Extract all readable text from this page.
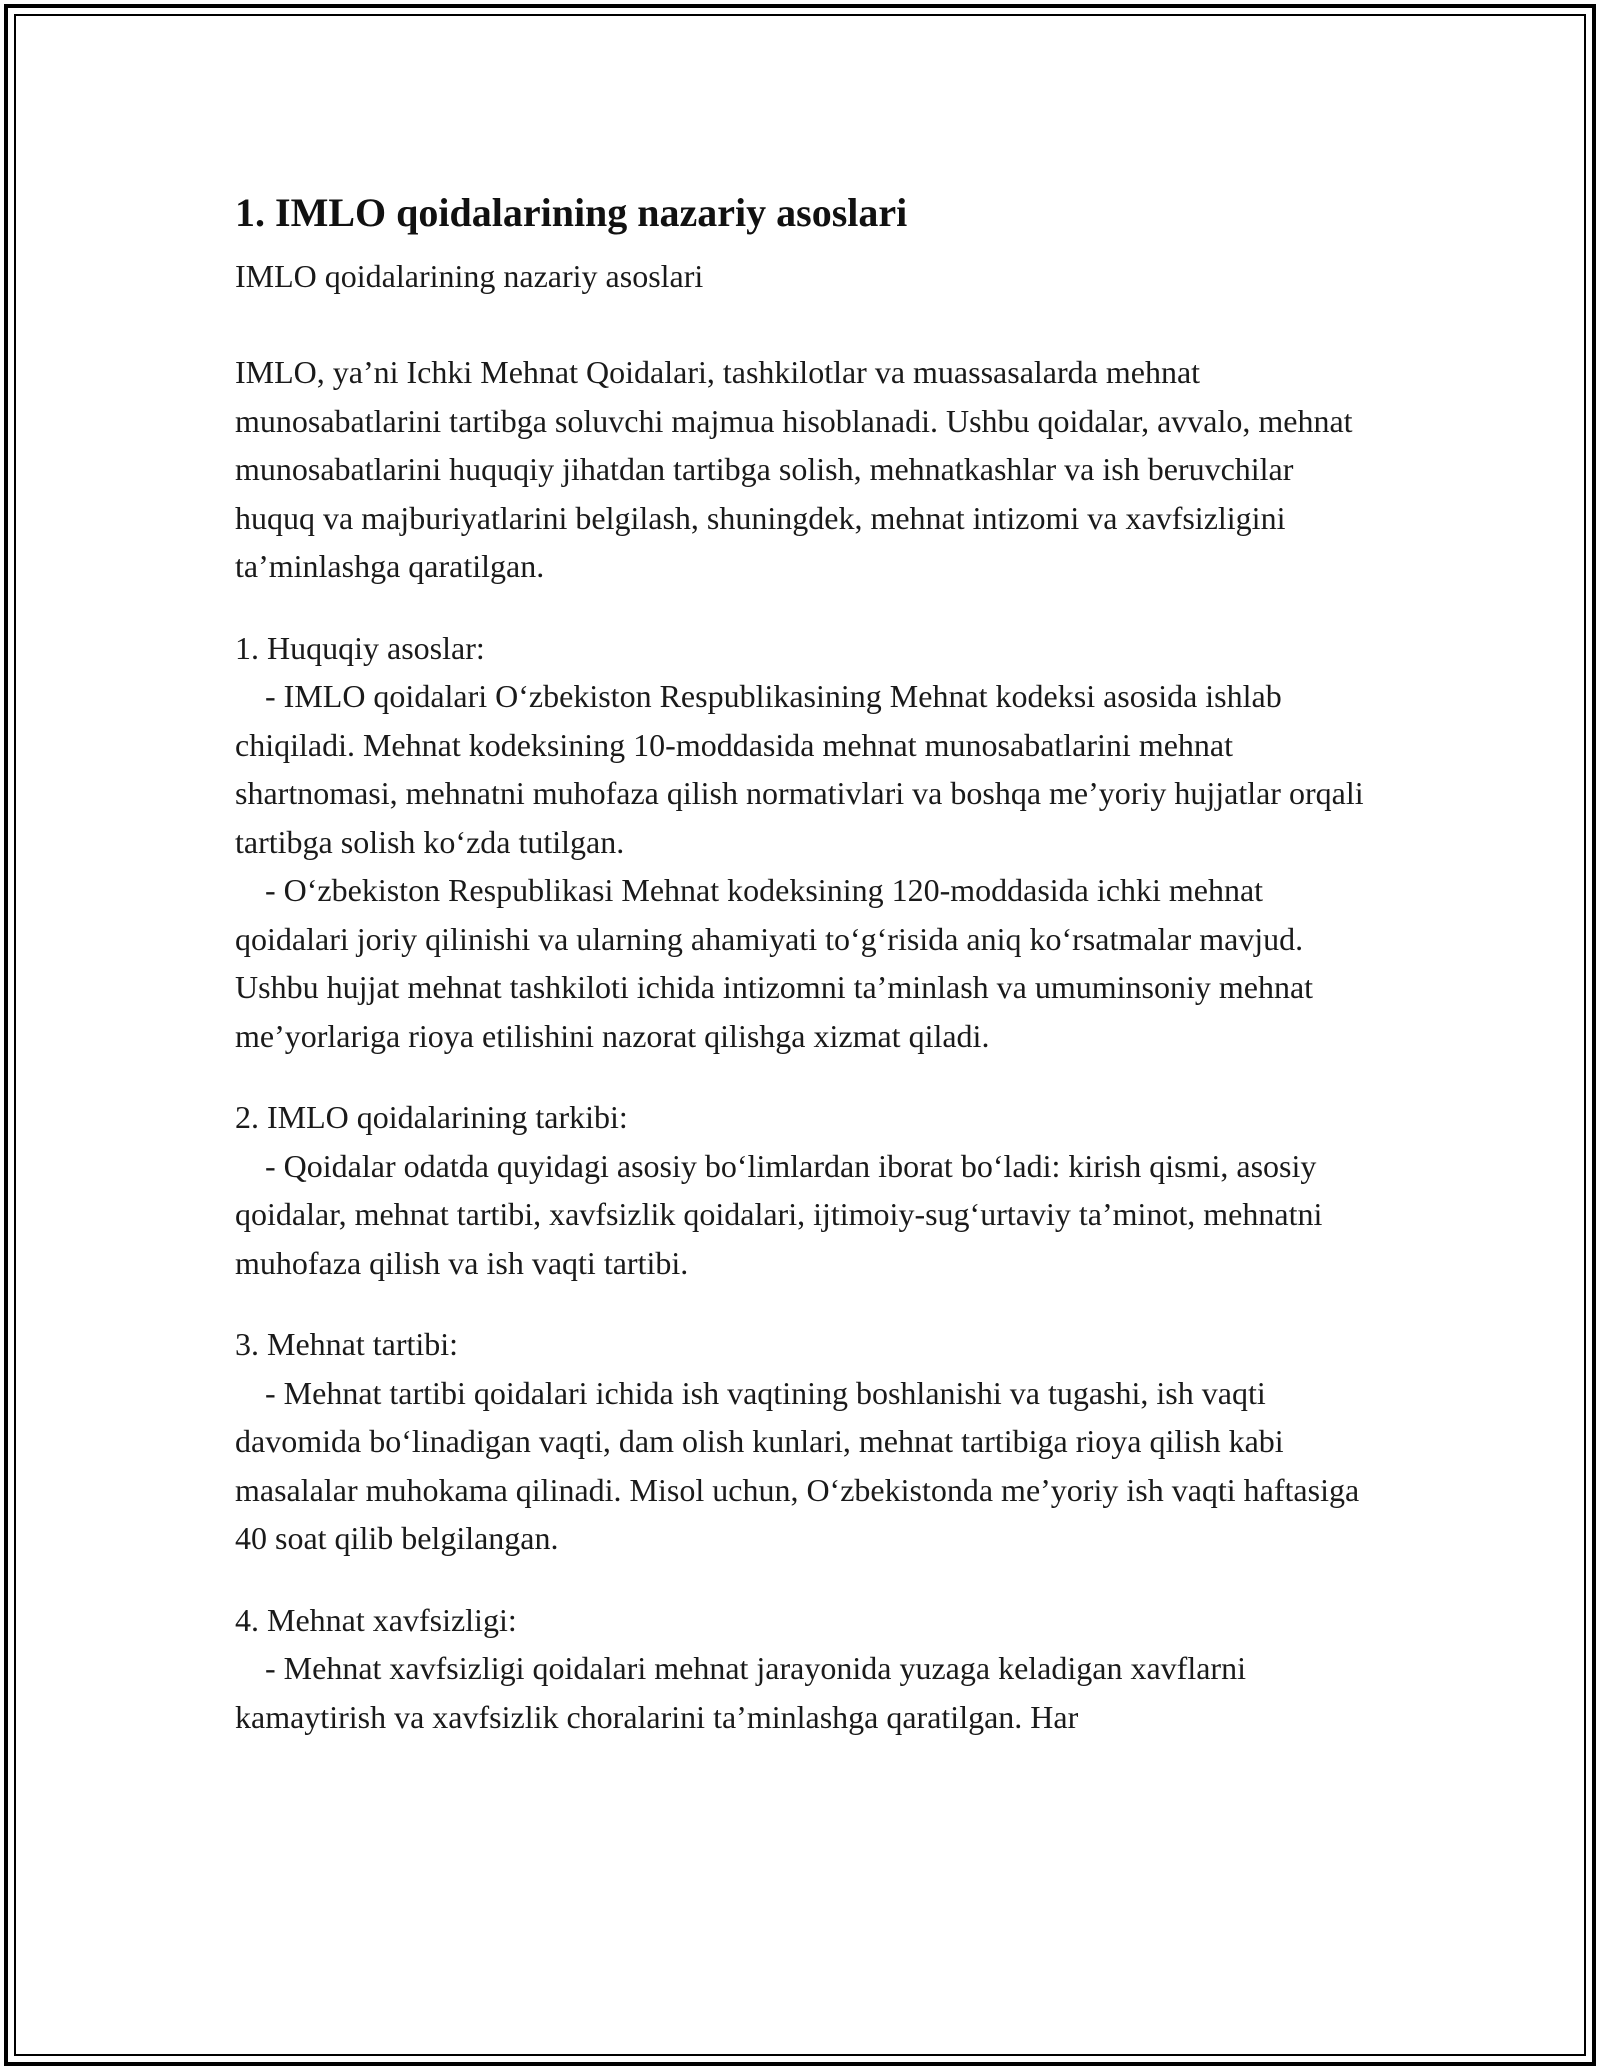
1. IMLO qoidalarining nazariy asoslari

IMLO qoidalarining nazariy asoslari

IMLO, ya’ni Ichki Mehnat Qoidalari, tashkilotlar va muassasalarda mehnat munosabatlarini tartibga soluvchi majmua hisoblanadi. Ushbu qoidalar, avvalo, mehnat munosabatlarini huquqiy jihatdan tartibga solish, mehnatkashlar va ish beruvchilar huquq va majburiyatlarini belgilash, shuningdek, mehnat intizomi va xavfsizligini ta’minlashga qaratilgan.

1. Huquqiy asoslar:
- IMLO qoidalari O‘zbekiston Respublikasining Mehnat kodeksi asosida ishlab chiqiladi. Mehnat kodeksining 10-moddasida mehnat munosabatlarini mehnat shartnomasi, mehnatni muhofaza qilish normativlari va boshqa me’yoriy hujjatlar orqali tartibga solish ko‘zda tutilgan.
- O‘zbekiston Respublikasi Mehnat kodeksining 120-moddasida ichki mehnat qoidalari joriy qilinishi va ularning ahamiyati to‘g‘risida aniq ko‘rsatmalar mavjud. Ushbu hujjat mehnat tashkiloti ichida intizomni ta’minlash va umuminsoniy mehnat me’yorlariga rioya etilishini nazorat qilishga xizmat qiladi.
2. IMLO qoidalarining tarkibi:
- Qoidalar odatda quyidagi asosiy bo‘limlardan iborat bo‘ladi: kirish qismi, asosiy qoidalar, mehnat tartibi, xavfsizlik qoidalari, ijtimoiy-sug‘urtaviy ta’minot, mehnatni muhofaza qilish va ish vaqti tartibi.
3. Mehnat tartibi:
- Mehnat tartibi qoidalari ichida ish vaqtining boshlanishi va tugashi, ish vaqti davomida bo‘linadigan vaqti, dam olish kunlari, mehnat tartibiga rioya qilish kabi masalalar muhokama qilinadi. Misol uchun, O‘zbekistonda me’yoriy ish vaqti haftasiga 40 soat qilib belgilangan.
4. Mehnat xavfsizligi:
- Mehnat xavfsizligi qoidalari mehnat jarayonida yuzaga keladigan xavflarni kamaytirish va xavfsizlik choralarini ta’minlashga qaratilgan. Har
